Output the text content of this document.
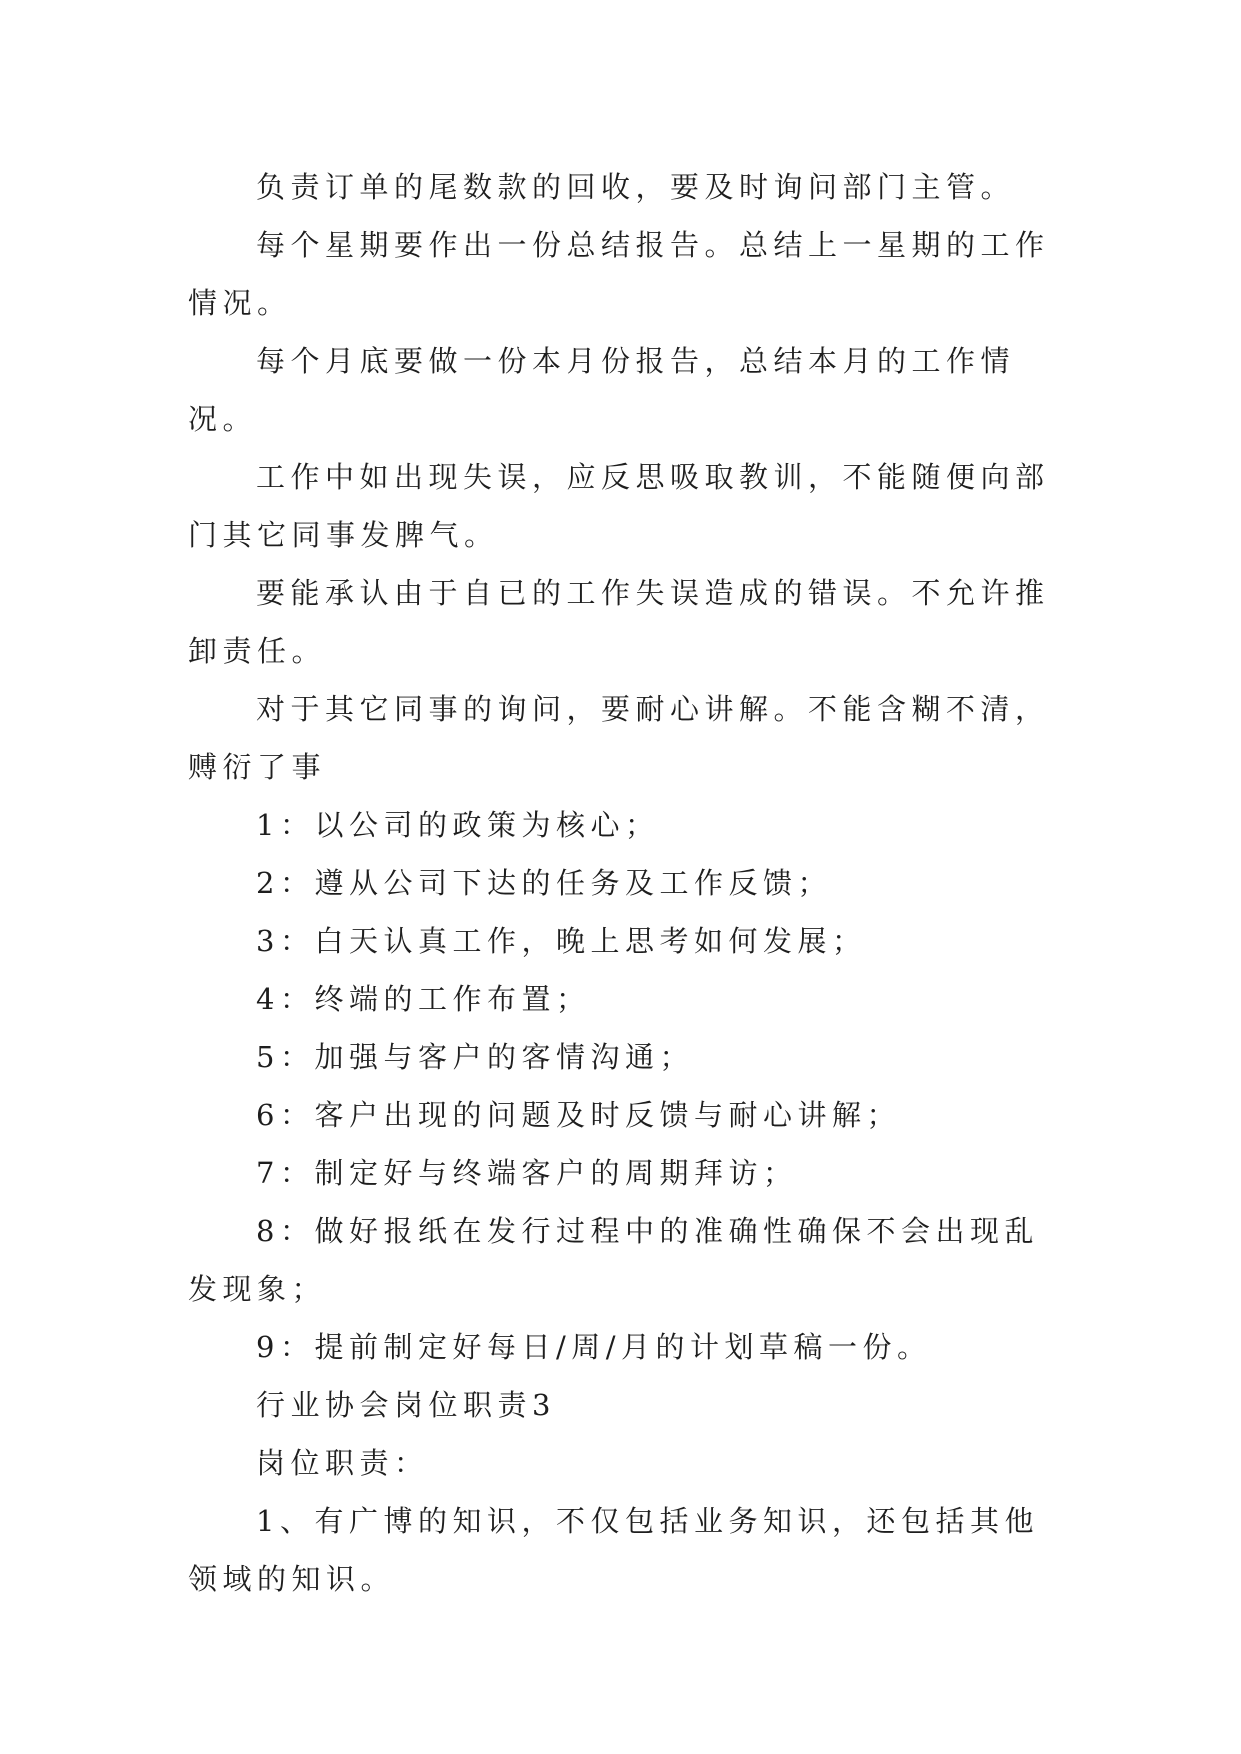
负责订单的尾数款的回收，要及时询问部门主管。

每个星期要作出一份总结报告。总结上一星期的工作情况。

每个月底要做一份本月份报告，总结本月的工作情况。

工作中如出现失误，应反思吸取教训，不能随便向部门其它同事发脾气。

要能承认由于自已的工作失误造成的错误。不允许推卸责任。

对于其它同事的询问，要耐心讲解。不能含糊不清，赙衍了事

1：以公司的政策为核心；

2：遵从公司下达的任务及工作反馈；

3：白天认真工作，晚上思考如何发展；

4：终端的工作布置；

5：加强与客户的客情沟通；

6：客户出现的问题及时反馈与耐心讲解；

7：制定好与终端客户的周期拜访；

8：做好报纸在发行过程中的准确性确保不会出现乱发现象；

9：提前制定好每日/周/月的计划草稿一份。

行业协会岗位职责3

岗位职责：

1、有广博的知识，不仅包括业务知识，还包括其他领域的知识。
